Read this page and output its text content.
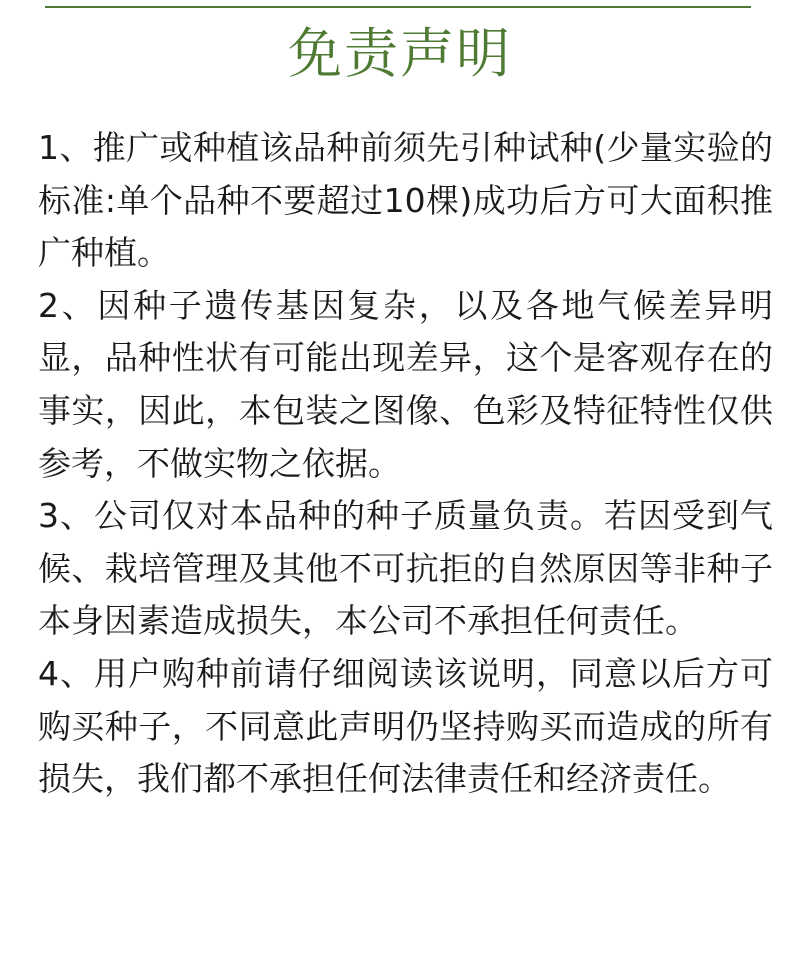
免责声明

1、推广或种植该品种前须先引种试种(少量实验的标准:单个品种不要超过10棵)成功后方可大面积推广种植。

2、因种子遗传基因复杂，以及各地气候差异明显，品种性状有可能出现差异，这个是客观存在的事实，因此，本包装之图像、色彩及特征特性仅供参考，不做实物之依据。

3、公司仅对本品种的种子质量负责。若因受到气候、栽培管理及其他不可抗拒的自然原因等非种子本身因素造成损失，本公司不承担任何责任。

4、用户购种前请仔细阅读该说明，同意以后方可购买种子，不同意此声明仍坚持购买而造成的所有损失，我们都不承担任何法律责任和经济责任。
